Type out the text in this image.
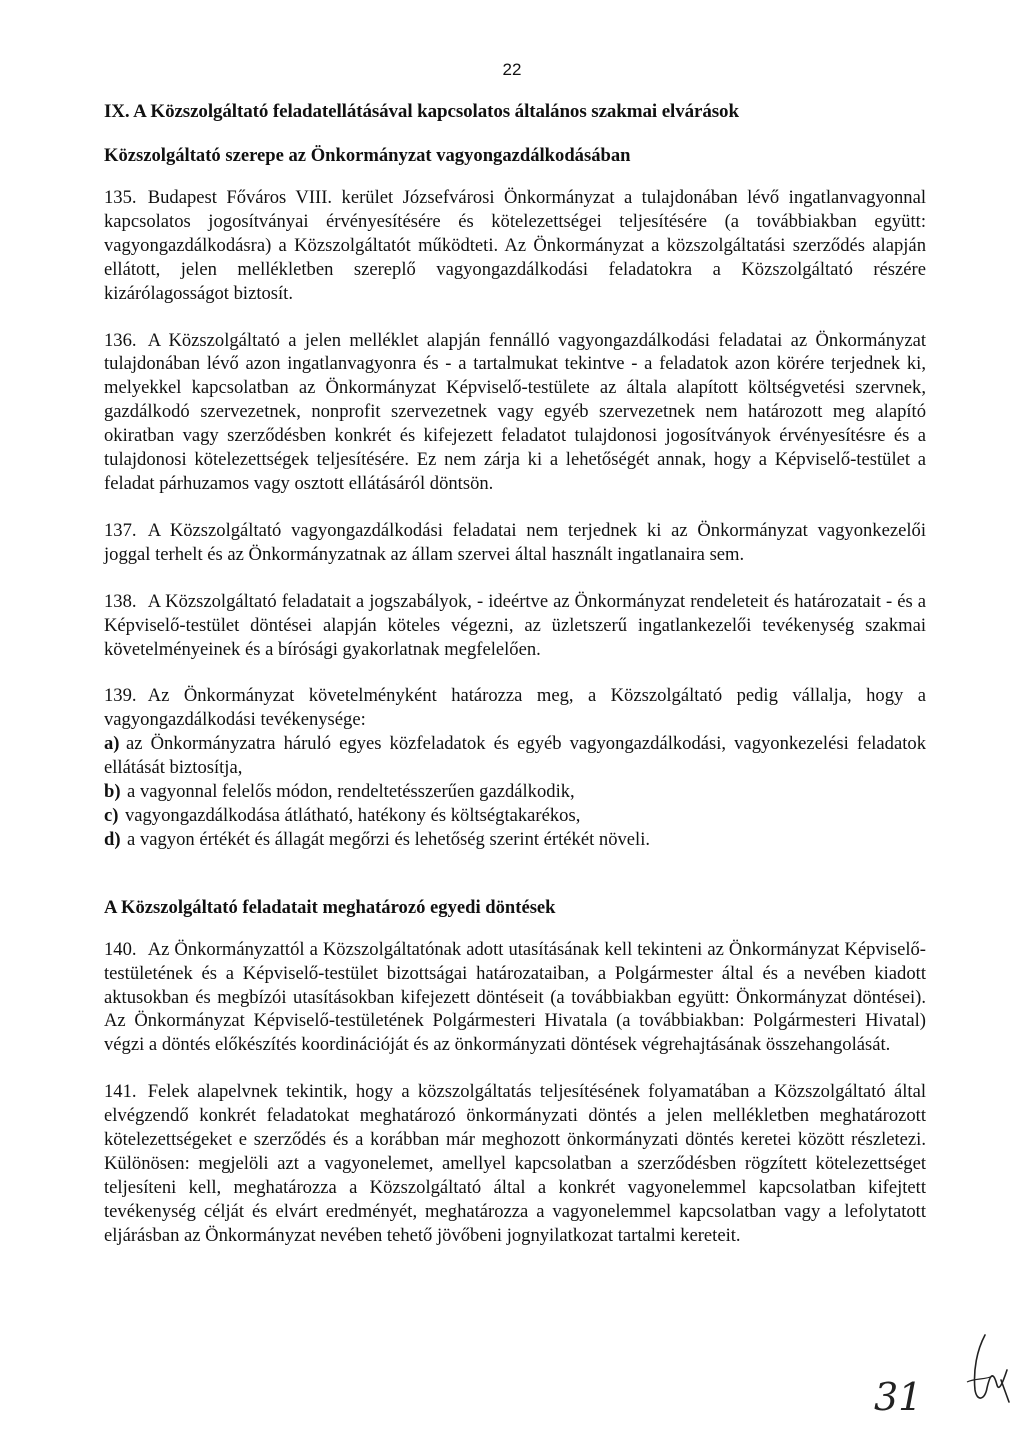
22
IX. A Közszolgáltató feladatellátásával kapcsolatos általános szakmai elvárások
Közszolgáltató szerepe az Önkormányzat vagyongazdálkodásában

135. Budapest Főváros VIII. kerület Józsefvárosi Önkormányzat a tulajdonában lévő ingatlanvagyonnal kapcsolatos jogosítványai érvényesítésére és kötelezettségei teljesítésére (a továbbiakban együtt: vagyongazdálkodásra) a Közszolgáltatót működteti. Az Önkormányzat a közszolgáltatási szerződés alapján ellátott, jelen mellékletben szereplő vagyongazdálkodási feladatokra a Közszolgáltató részére kizárólagosságot biztosít.

136. A Közszolgáltató a jelen melléklet alapján fennálló vagyongazdálkodási feladatai az Önkormányzat tulajdonában lévő azon ingatlanvagyonra és - a tartalmukat tekintve - a feladatok azon körére terjednek ki, melyekkel kapcsolatban az Önkormányzat Képviselő-testülete az általa alapított költségvetési szervnek, gazdálkodó szervezetnek, nonprofit szervezetnek vagy egyéb szervezetnek nem határozott meg alapító okiratban vagy szerződésben konkrét és kifejezett feladatot tulajdonosi jogosítványok érvényesítésre és a tulajdonosi kötelezettségek teljesítésére. Ez nem zárja ki a lehetőségét annak, hogy a Képviselő-testület a feladat párhuzamos vagy osztott ellátásáról döntsön.

137. A Közszolgáltató vagyongazdálkodási feladatai nem terjednek ki az Önkormányzat vagyonkezelői joggal terhelt és az Önkormányzatnak az állam szervei által használt ingatlanaira sem.

138. A Közszolgáltató feladatait a jogszabályok, - ideértve az Önkormányzat rendeleteit és határozatait - és a Képviselő-testület döntései alapján köteles végezni, az üzletszerű ingatlankezelői tevékenység szakmai követelményeinek és a bírósági gyakorlatnak megfelelően.

139. Az Önkormányzat követelményként határozza meg, a Közszolgáltató pedig vállalja, hogy a vagyongazdálkodási tevékenysége:

a) az Önkormányzatra háruló egyes közfeladatok és egyéb vagyongazdálkodási, vagyonkezelési feladatok ellátását biztosítja,
b) a vagyonnal felelős módon, rendeltetésszerűen gazdálkodik,
c) vagyongazdálkodása átlátható, hatékony és költségtakarékos,
d) a vagyon értékét és állagát megőrzi és lehetőség szerint értékét növeli.
A Közszolgáltató feladatait meghatározó egyedi döntések

140. Az Önkormányzattól a Közszolgáltatónak adott utasításának kell tekinteni az Önkormányzat Képviselő-testületének és a Képviselő-testület bizottságai határozataiban, a Polgármester által és a nevében kiadott aktusokban és megbízói utasításokban kifejezett döntéseit (a továbbiakban együtt: Önkormányzat döntései). Az Önkormányzat Képviselő-testületének Polgármesteri Hivatala (a továbbiakban: Polgármesteri Hivatal) végzi a döntés előkészítés koordinációját és az önkormányzati döntések végrehajtásának összehangolását.

141. Felek alapelvnek tekintik, hogy a közszolgáltatás teljesítésének folyamatában a Közszolgáltató által elvégzendő konkrét feladatokat meghatározó önkormányzati döntés a jelen mellékletben meghatározott kötelezettségeket e szerződés és a korábban már meghozott önkormányzati döntés keretei között részletezi. Különösen: megjelöli azt a vagyonelemet, amellyel kapcsolatban a szerződésben rögzített kötelezettséget teljesíteni kell, meghatározza a Közszolgáltató által a konkrét vagyonelemmel kapcsolatban kifejtett tevékenység célját és elvárt eredményét, meghatározza a vagyonelemmel kapcsolatban vagy a lefolytatott eljárásban az Önkormányzat nevében tehető jövőbeni jognyilatkozat tartalmi kereteit.

31
